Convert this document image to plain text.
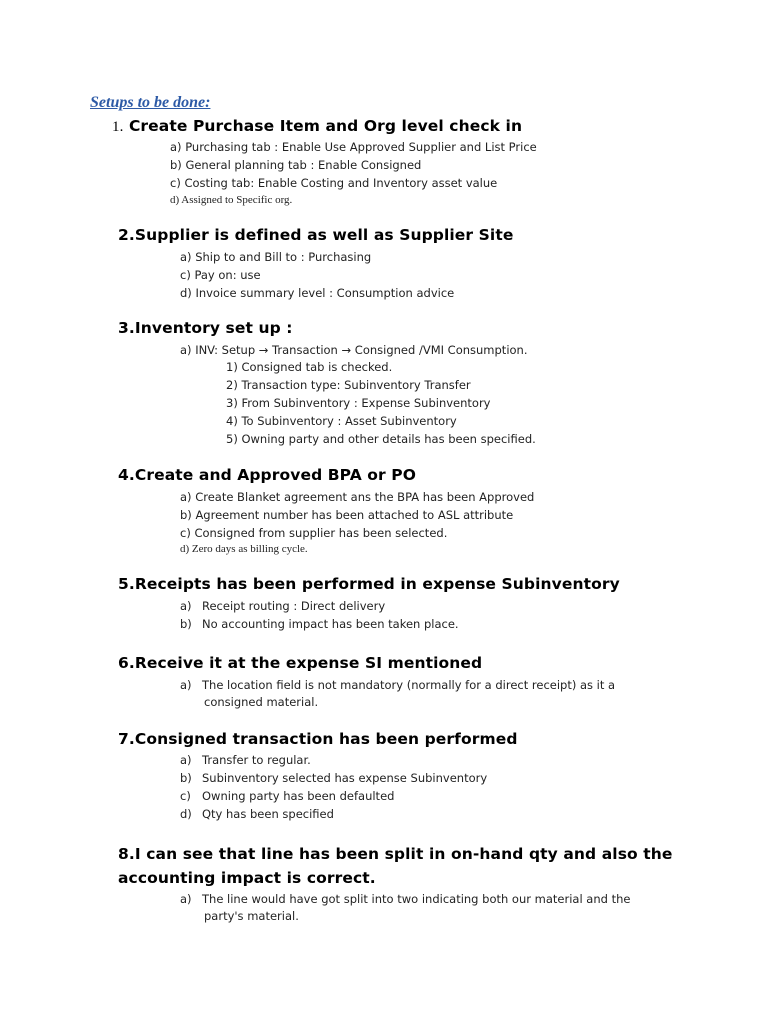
Setups to be done:
1. Create Purchase Item and Org level check in
a) Purchasing tab : Enable Use Approved Supplier and List Price
b) General planning tab : Enable Consigned
c) Costing tab: Enable Costing and Inventory asset value
d) Assigned to Specific org.
2.Supplier is defined as well as Supplier Site
a) Ship to and Bill to : Purchasing
c) Pay on: use
d) Invoice summary level : Consumption advice
3.Inventory set up :
a) INV: Setup → Transaction → Consigned /VMI Consumption.
1) Consigned tab is checked.
2) Transaction type: Subinventory Transfer
3) From Subinventory : Expense Subinventory
4) To Subinventory : Asset Subinventory
5) Owning party and other details has been specified.
4.Create and Approved BPA or PO
a) Create Blanket agreement ans the BPA has been Approved
b) Agreement number has been attached to ASL attribute
c) Consigned from supplier has been selected.
d) Zero days as billing cycle.
5.Receipts has been performed in expense Subinventory
a) Receipt routing : Direct delivery
b) No accounting impact has been taken place.
6.Receive it at the expense SI mentioned
a) The location field is not mandatory (normally for a direct receipt) as it a
consigned material.
7.Consigned transaction has been performed
a) Transfer to regular.
b) Subinventory selected has expense Subinventory
c) Owning party has been defaulted
d) Qty has been specified
8.I can see that line has been split in on-hand qty and also the
accounting impact is correct.
a) The line would have got split into two indicating both our material and the
party's material.
